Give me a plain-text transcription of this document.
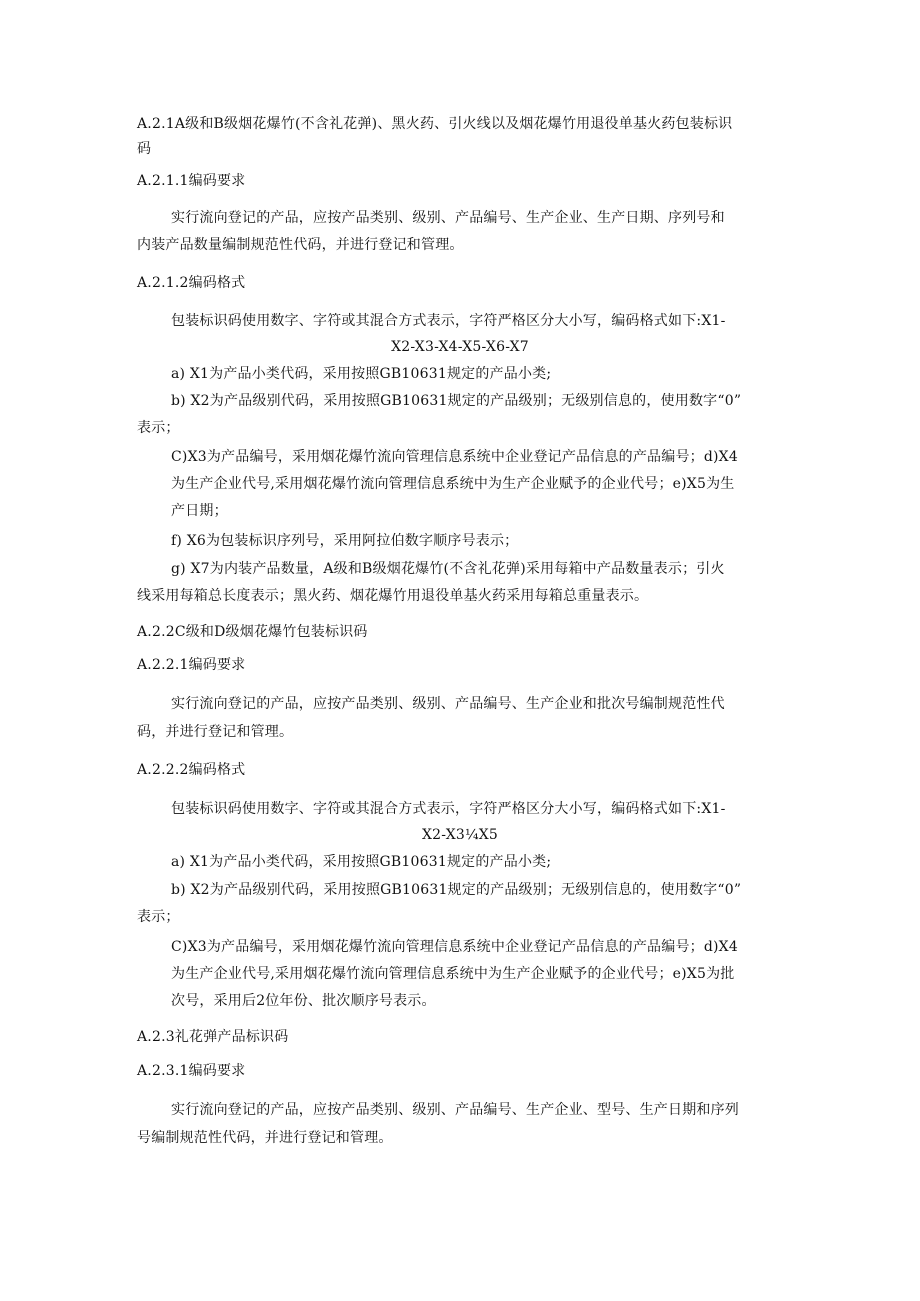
A.2.1A级和B级烟花爆竹(不含礼花弹)、黑火药、引火线以及烟花爆竹用退役单基火药包装标识
码
A.2.1.1编码要求
实行流向登记的产品，应按产品类别、级别、产品编号、生产企业、生产日期、序列号和
内装产品数量编制规范性代码，并进行登记和管理。
A.2.1.2编码格式
包装标识码使用数字、字符或其混合方式表示，字符严格区分大小写，编码格式如下:X1-
X2-X3-X4-X5-X6-X7
a) X1为产品小类代码，采用按照GB10631规定的产品小类;
b) X2为产品级别代码，采用按照GB10631规定的产品级别；无级别信息的，使用数字“0”
表示；
C)X3为产品编号，采用烟花爆竹流向管理信息系统中企业登记产品信息的产品编号；d)X4
为生产企业代号,采用烟花爆竹流向管理信息系统中为生产企业赋予的企业代号；e)X5为生
产日期；
f) X6为包装标识序列号，采用阿拉伯数字顺序号表示；
g) X7为内装产品数量，A级和B级烟花爆竹(不含礼花弹)采用每箱中产品数量表示；引火
线采用每箱总长度表示；黑火药、烟花爆竹用退役单基火药采用每箱总重量表示。
A.2.2C级和D级烟花爆竹包装标识码
A.2.2.1编码要求
实行流向登记的产品，应按产品类别、级别、产品编号、生产企业和批次号编制规范性代
码，并进行登记和管理。
A.2.2.2编码格式
包装标识码使用数字、字符或其混合方式表示，字符严格区分大小写，编码格式如下:X1-
X2-X3¼X5
a) X1为产品小类代码，采用按照GB10631规定的产品小类;
b) X2为产品级别代码，采用按照GB10631规定的产品级别；无级别信息的，使用数字“0”
表示；
C)X3为产品编号，采用烟花爆竹流向管理信息系统中企业登记产品信息的产品编号；d)X4
为生产企业代号,采用烟花爆竹流向管理信息系统中为生产企业赋予的企业代号；e)X5为批
次号，采用后2位年份、批次顺序号表示。
A.2.3礼花弹产品标识码
A.2.3.1编码要求
实行流向登记的产品，应按产品类别、级别、产品编号、生产企业、型号、生产日期和序列
号编制规范性代码，并进行登记和管理。
